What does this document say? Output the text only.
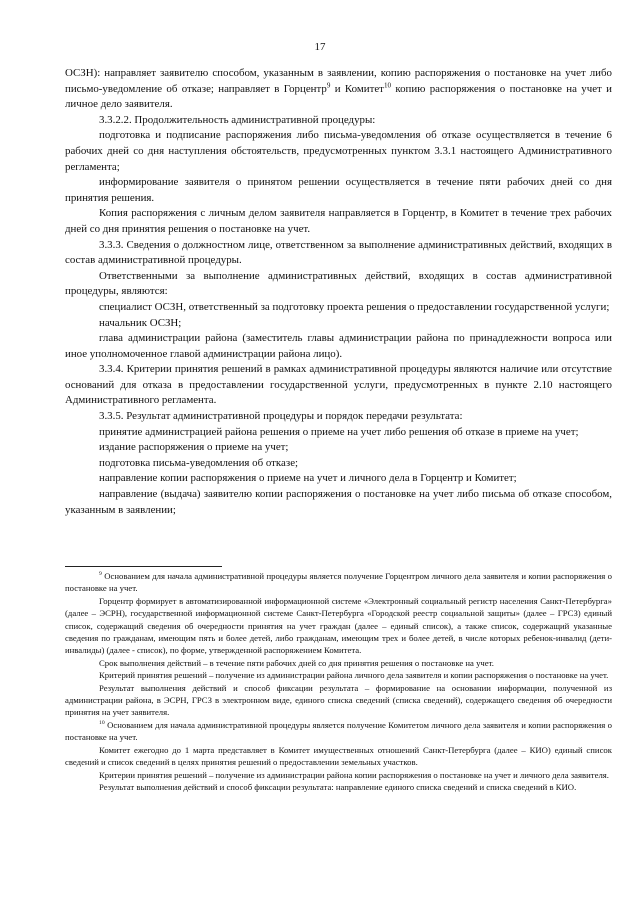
17

ОСЗН): направляет заявителю способом, указанным в заявлении, копию распоряжения о постановке на учет либо письмо-уведомление об отказе; направляет в Горцентр$^9$ и Комитет$^{10}$ копию распоряжения о постановке на учет и личное дело заявителя.

3.3.2.2. Продолжительность административной процедуры:

подготовка и подписание распоряжения либо письма-уведомления об отказе осуществляется в течение 6 рабочих дней со дня наступления обстоятельств, предусмотренных пунктом 3.3.1 настоящего Административного регламента;

информирование заявителя о принятом решении осуществляется в течение пяти рабочих дней со дня принятия решения.

Копия распоряжения с личным делом заявителя направляется в Горцентр, в Комитет в течение трех рабочих дней со дня принятия решения о постановке на учет.

3.3.3. Сведения о должностном лице, ответственном за выполнение административных действий, входящих в состав административной процедуры.

Ответственными за выполнение административных действий, входящих в состав административной процедуры, являются:

специалист ОСЗН, ответственный за подготовку проекта решения о предоставлении государственной услуги;

начальник ОСЗН;

глава администрации района (заместитель главы администрации района по принадлежности вопроса или иное уполномоченное главой администрации района лицо).

3.3.4. Критерии принятия решений в рамках административной процедуры являются наличие или отсутствие оснований для отказа в предоставлении государственной услуги, предусмотренных в пункте 2.10 настоящего Административного регламента.

3.3.5. Результат административной процедуры и порядок передачи результата:

принятие администрацией района решения о приеме на учет либо решения об отказе в приеме на учет;

издание распоряжения о приеме на учет;

подготовка письма-уведомления об отказе;

направление копии распоряжения о приеме на учет и личного дела в Горцентр и Комитет;

направление (выдача) заявителю копии распоряжения о постановке на учет либо письма об отказе способом, указанным в заявлении;

$^9$ Основанием для начала административной процедуры является получение Горцентром личного дела заявителя и копии распоряжения о постановке на учет.

Горцентр формирует в автоматизированной информационной системе «Электронный социальный регистр населения Санкт-Петербурга» (далее – ЭСРН), государственной информационной системе Санкт-Петербурга «Городской реестр социальной защиты» (далее – ГРСЗ) единый список, содержащий сведения об очередности принятия на учет граждан (далее – единый список), а также список, содержащий указанные сведения по гражданам, имеющим пять и более детей, либо гражданам, имеющим трех и более детей, в числе которых ребенок-инвалид (дети-инвалиды) (далее - список), по форме, утвержденной распоряжением Комитета.

Срок выполнения действий – в течение пяти рабочих дней со дня принятия решения о постановке на учет.

Критерий принятия решений – получение из администрации района личного дела заявителя и копии распоряжения о постановке на учет.

Результат выполнения действий и способ фиксации результата – формирование на основании информации, полученной из администрации района, в ЭСРН, ГРСЗ в электронном виде, единого списка сведений (списка сведений), содержащего сведения об очередности принятия на учет заявителя.

$^{10}$ Основанием для начала административной процедуры является получение Комитетом личного дела заявителя и копии распоряжения о постановке на учет.

Комитет ежегодно до 1 марта представляет в Комитет имущественных отношений Санкт-Петербурга (далее – КИО) единый список сведений и список сведений в целях принятия решений о предоставлении земельных участков.

Критерии принятия решений – получение из администрации района копии распоряжения о постановке на учет и личного дела заявителя.

Результат выполнения действий и способ фиксации результата: направление единого списка сведений и списка сведений в КИО.
